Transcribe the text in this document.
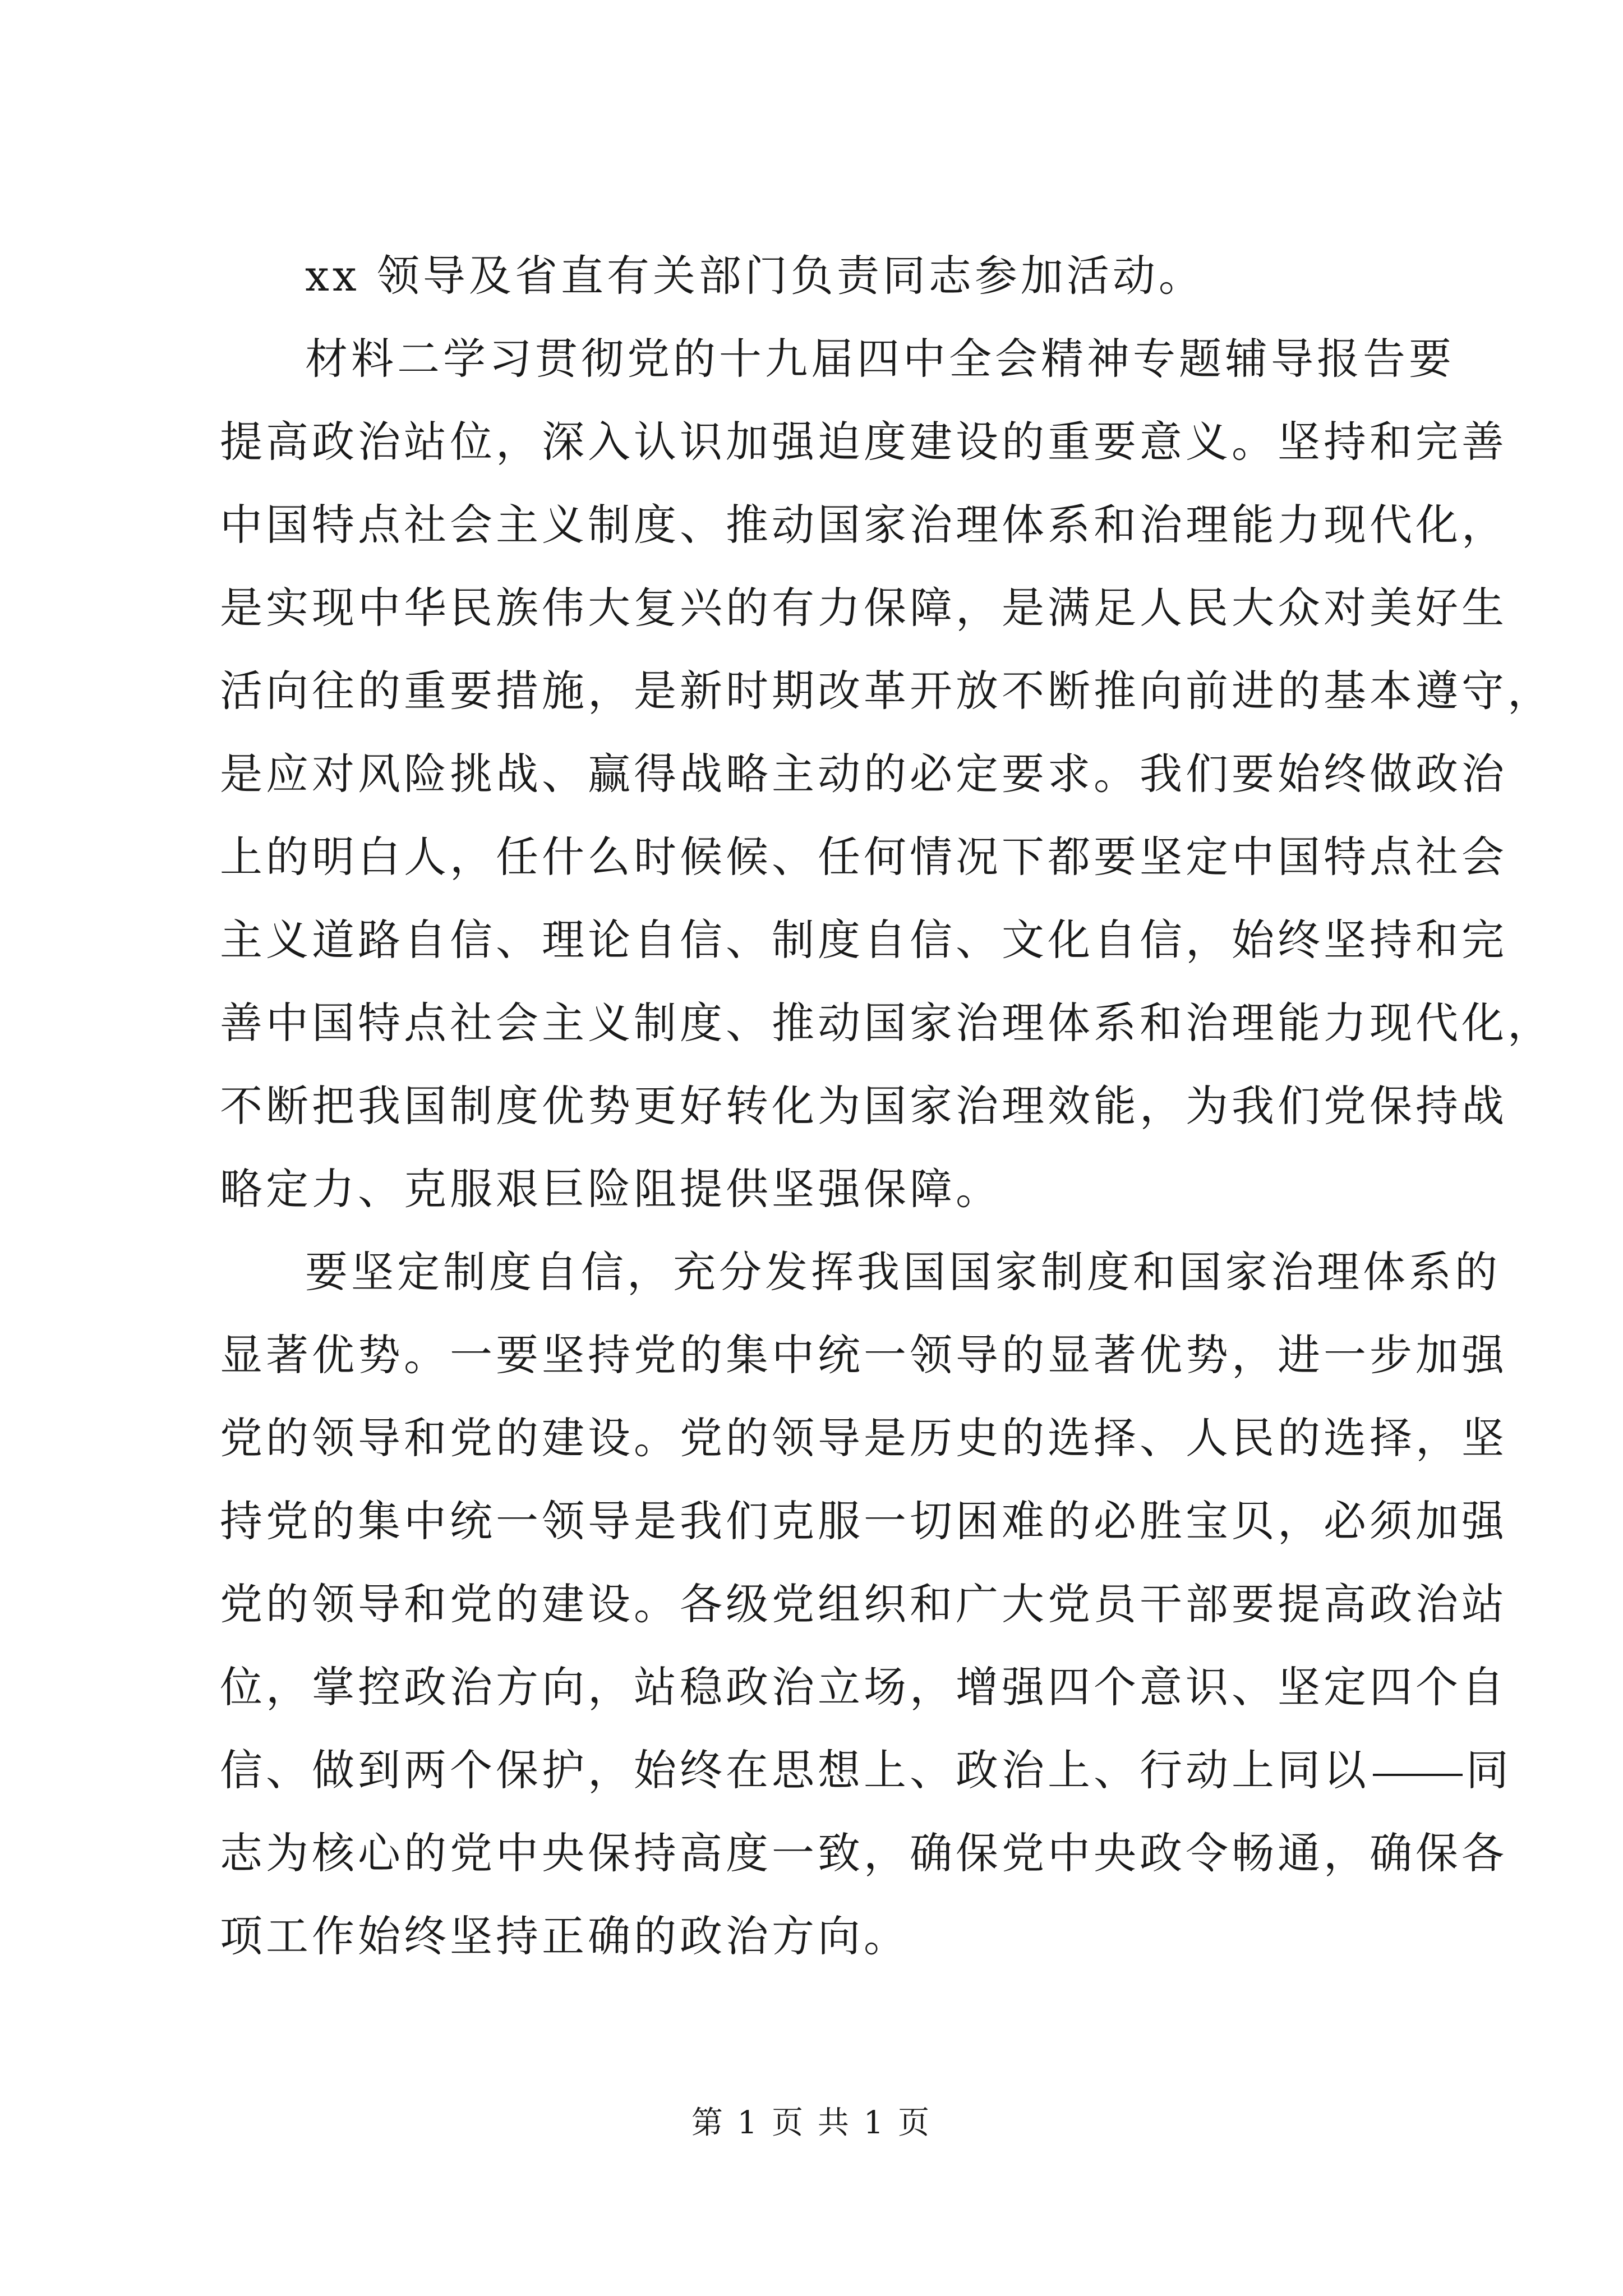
xx 领导及省直有关部门负责同志参加活动。
材料二学习贯彻党的十九届四中全会精神专题辅导报告要
提高政治站位，深入认识加强迫度建设的重要意义。坚持和完善
中国特点社会主义制度、推动国家治理体系和治理能力现代化，
是实现中华民族伟大复兴的有力保障，是满足人民大众对美好生
活向往的重要措施，是新时期改革开放不断推向前进的基本遵守，
是应对风险挑战、赢得战略主动的必定要求。我们要始终做政治
上的明白人，任什么时候候、任何情况下都要坚定中国特点社会
主义道路自信、理论自信、制度自信、文化自信，始终坚持和完
善中国特点社会主义制度、推动国家治理体系和治理能力现代化，
不断把我国制度优势更好转化为国家治理效能，为我们党保持战
略定力、克服艰巨险阻提供坚强保障。
要坚定制度自信，充分发挥我国国家制度和国家治理体系的
显著优势。一要坚持党的集中统一领导的显著优势，进一步加强
党的领导和党的建设。党的领导是历史的选择、人民的选择，坚
持党的集中统一领导是我们克服一切困难的必胜宝贝，必须加强
党的领导和党的建设。各级党组织和广大党员干部要提高政治站
位，掌控政治方向，站稳政治立场，增强四个意识、坚定四个自
信、做到两个保护，始终在思想上、政治上、行动上同以 同
志为核心的党中央保持高度一致，确保党中央政令畅通，确保各
项工作始终坚持正确的政治方向。
第 1 页 共 1 页
